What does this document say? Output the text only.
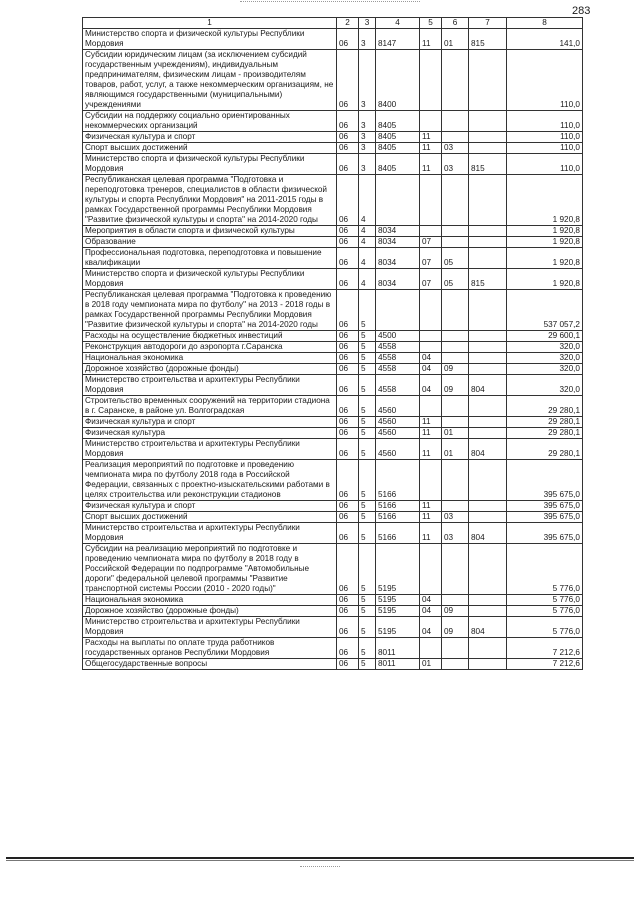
283
1	2	3	4	5	6	7	8
Министерство спорта и физической культуры Республики Мордовия	06	3	8147	11	01	815	141,0
Субсидии юридическим лицам (за исключением субсидий государственным учреждениям), индивидуальным предпринимателям, физическим лицам - производителям товаров, работ, услуг, а также некоммерческим организациям, не являющимся государственными (муниципальными) учреждениями	06	3	8400				110,0
Субсидии на поддержку социально ориентированных некоммерческих организаций	06	3	8405				110,0
Физическая культура и спорт	06	3	8405	11			110,0
Спорт высших достижений	06	3	8405	11	03		110,0
Министерство спорта и физической культуры Республики Мордовия	06	3	8405	11	03	815	110,0
Республиканская целевая программа "Подготовка и переподготовка тренеров, специалистов в области физической культуры и спорта Республики Мордовия" на 2011-2015 годы в рамках Государственной программы Республики Мордовия "Развитие физической культуры и спорта" на 2014-2020 годы	06	4					1 920,8
Мероприятия в области спорта и физической культуры	06	4	8034				1 920,8
Образование	06	4	8034	07			1 920,8
Профессиональная подготовка, переподготовка и повышение квалификации	06	4	8034	07	05		1 920,8
Министерство спорта и физической культуры Республики Мордовия	06	4	8034	07	05	815	1 920,8
Республиканская целевая программа "Подготовка к проведению в 2018 году чемпионата мира по футболу" на 2013 - 2018 годы в рамках Государственной программы Республики Мордовия "Развитие физической культуры и спорта" на 2014-2020 годы	06	5					537 057,2
Расходы на осуществление бюджетных инвестиций	06	5	4500				29 600,1
Реконструкция автодороги до аэропорта г.Саранска	06	5	4558				320,0
Национальная экономика	06	5	4558	04			320,0
Дорожное хозяйство (дорожные фонды)	06	5	4558	04	09		320,0
Министерство строительства и архитектуры Республики Мордовия	06	5	4558	04	09	804	320,0
Строительство временных сооружений на территории стадиона в г. Саранске, в районе ул. Волгоградская	06	5	4560				29 280,1
Физическая культура и спорт	06	5	4560	11			29 280,1
Физическая культура	06	5	4560	11	01		29 280,1
Министерство строительства и архитектуры Республики Мордовия	06	5	4560	11	01	804	29 280,1
Реализация мероприятий по подготовке и проведению чемпионата мира по футболу 2018 года в Российской Федерации, связанных с проектно-изыскательскими работами в целях строительства или реконструкции стадионов	06	5	5166				395 675,0
Физическая культура и спорт	06	5	5166	11			395 675,0
Спорт высших достижений	06	5	5166	11	03		395 675,0
Министерство строительства и архитектуры Республики Мордовия	06	5	5166	11	03	804	395 675,0
Субсидии на реализацию мероприятий по подготовке и проведению чемпионата мира по футболу в 2018 году в Российской Федерации по подпрограмме "Автомобильные дороги" федеральной целевой программы "Развитие транспортной системы России (2010 - 2020 годы)"	06	5	5195				5 776,0
Национальная экономика	06	5	5195	04			5 776,0
Дорожное хозяйство (дорожные фонды)	06	5	5195	04	09		5 776,0
Министерство строительства и архитектуры Республики Мордовия	06	5	5195	04	09	804	5 776,0
Расходы на выплаты по оплате труда работников государственных органов Республики Мордовия	06	5	8011				7 212,6
Общегосударственные вопросы	06	5	8011	01			7 212,6
